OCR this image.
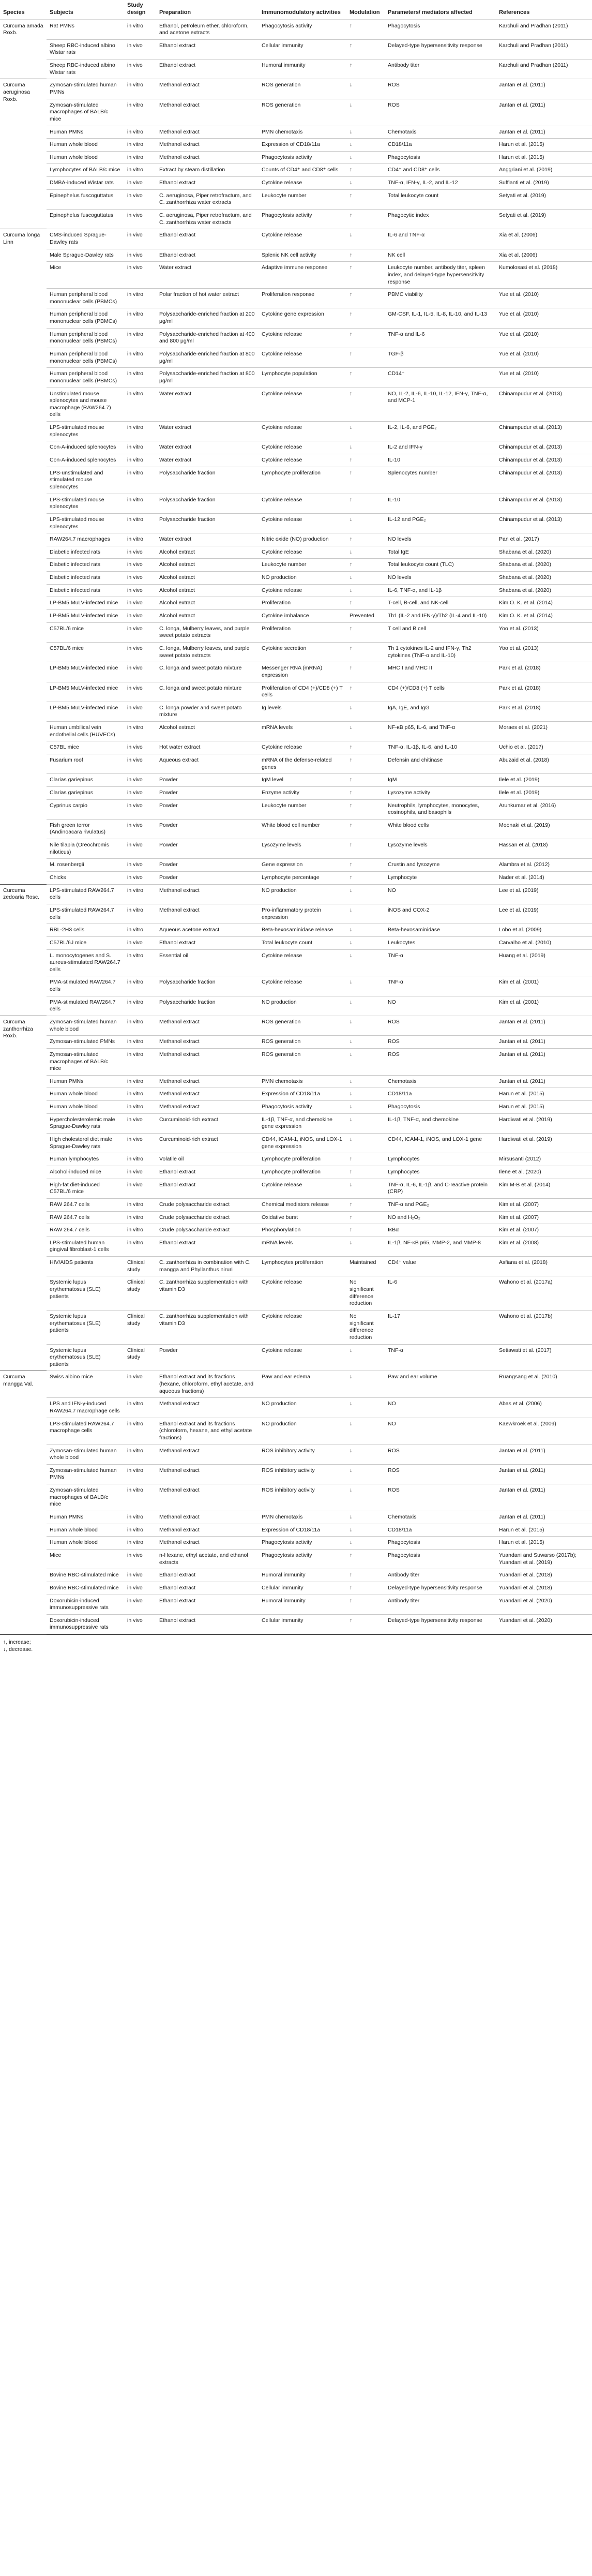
Species	Subjects	Study design	Preparation	Immunomodulatory activities	Modulation	Parameters/ mediators affected	References
Curcuma amada Roxb.	Rat PMNs	in vitro	Ethanol, petroleum ether, chloroform, and acetone extracts	Phagocytosis activity	↑	Phagocytosis	Karchuli and Pradhan (2011)
	Sheep RBC-induced albino Wistar rats	in vivo	Ethanol extract	Cellular immunity	↑	Delayed-type hypersensitivity response	Karchuli and Pradhan (2011)
	Sheep RBC-induced albino Wistar rats	in vivo	Ethanol extract	Humoral immunity	↑	Antibody titer	Karchuli and Pradhan (2011)
Curcuma aeruginosa Roxb.	Zymosan-stimulated human PMNs	in vitro	Methanol extract	ROS generation	↓	ROS	Jantan et al. (2011)
	Zymosan-stimulated macrophages of BALB/c mice	in vitro	Methanol extract	ROS generation	↓	ROS	Jantan et al. (2011)
	Human PMNs	in vitro	Methanol extract	PMN chemotaxis	↓	Chemotaxis	Jantan et al. (2011)
	Human whole blood	in vitro	Methanol extract	Expression of CD18/11a	↓	CD18/11a	Harun et al. (2015)
	Human whole blood	in vitro	Methanol extract	Phagocytosis activity	↓	Phagocytosis	Harun et al. (2015)
	Lymphocytes of BALB/c mice	in vitro	Extract by steam distillation	Counts of CD4⁺ and CD8⁺ cells	↑	CD4⁺ and CD8⁺ cells	Anggriani et al. (2019)
	DMBA-induced Wistar rats	in vivo	Ethanol extract	Cytokine release	↓	TNF-α, IFN-γ, IL-2, and IL-12	Suffianti et al. (2019)
	Epinephelus fuscoguttatus	in vivo	C. aeruginosa, Piper retrofractum, and C. zanthorrhiza water extracts	Leukocyte number	↑	Total leukocyte count	Setyati et al. (2019)
	Epinephelus fuscoguttatus	in vivo	C. aeruginosa, Piper retrofractum, and C. zanthorrhiza water extracts	Phagocytosis activity	↑	Phagocytic index	Setyati et al. (2019)
Curcuma longa Linn	CMS-induced Sprague-Dawley rats	in vivo	Ethanol extract	Cytokine release	↓	IL-6 and TNF-α	Xia et al. (2006)
	Male Sprague-Dawley rats	in vivo	Ethanol extract	Splenic NK cell activity	↑	NK cell	Xia et al. (2006)
	Mice	in vivo	Water extract	Adaptive immune response	↑	Leukocyte number, antibody titer, spleen index, and delayed-type hypersensitivity response	Kumolosasi et al. (2018)
	Human peripheral blood mononuclear cells (PBMCs)	in vitro	Polar fraction of hot water extract	Proliferation response	↑	PBMC viability	Yue et al. (2010)
	Human peripheral blood mononuclear cells (PBMCs)	in vitro	Polysaccharide-enriched fraction at 200 μg/ml	Cytokine gene expression	↑	GM-CSF, IL-1, IL-5, IL-8, IL-10, and IL-13	Yue et al. (2010)
	Human peripheral blood mononuclear cells (PBMCs)	in vitro	Polysaccharide-enriched fraction at 400 and 800 μg/ml	Cytokine release	↑	TNF-α and IL-6	Yue et al. (2010)
	Human peripheral blood mononuclear cells (PBMCs)	in vitro	Polysaccharide-enriched fraction at 800 μg/ml	Cytokine release	↑	TGF-β	Yue et al. (2010)
	Human peripheral blood mononuclear cells (PBMCs)	in vitro	Polysaccharide-enriched fraction at 800 μg/ml	Lymphocyte population	↑	CD14⁺	Yue et al. (2010)
	Unstimulated mouse splenocytes and mouse macrophage (RAW264.7) cells	in vitro	Water extract	Cytokine release	↑	NO, IL-2, IL-6, IL-10, IL-12, IFN-γ, TNF-α, and MCP-1	Chinampudur et al. (2013)
	LPS-stimulated mouse splenocytes	in vitro	Water extract	Cytokine release	↓	IL-2, IL-6, and PGE₂	Chinampudur et al. (2013)
	Con-A-induced splenocytes	in vitro	Water extract	Cytokine release	↓	IL-2 and IFN-γ	Chinampudur et al. (2013)
	Con-A-induced splenocytes	in vitro	Water extract	Cytokine release	↑	IL-10	Chinampudur et al. (2013)
	LPS-unstimulated and stimulated mouse splenocytes	in vitro	Polysaccharide fraction	Lymphocyte proliferation	↑	Splenocytes number	Chinampudur et al. (2013)
	LPS-stimulated mouse splenocytes	in vitro	Polysaccharide fraction	Cytokine release	↑	IL-10	Chinampudur et al. (2013)
	LPS-stimulated mouse splenocytes	in vitro	Polysaccharide fraction	Cytokine release	↓	IL-12 and PGE₂	Chinampudur et al. (2013)
	RAW264.7 macrophages	in vitro	Water extract	Nitric oxide (NO) production	↑	NO levels	Pan et al. (2017)
	Diabetic infected rats	in vivo	Alcohol extract	Cytokine release	↓	Total IgE	Shabana et al. (2020)
	Diabetic infected rats	in vivo	Alcohol extract	Leukocyte number	↑	Total leukocyte count (TLC)	Shabana et al. (2020)
	Diabetic infected rats	in vivo	Alcohol extract	NO production	↓	NO levels	Shabana et al. (2020)
	Diabetic infected rats	in vivo	Alcohol extract	Cytokine release	↓	IL-6, TNF-α, and IL-1β	Shabana et al. (2020)
	LP-BM5 MuLV-infected mice	in vivo	Alcohol extract	Proliferation	↑	T-cell, B-cell, and NK-cell	Kim O. K. et al. (2014)
	LP-BM5 MuLV-infected mice	in vivo	Alcohol extract	Cytokine imbalance	Prevented	Th1 (IL-2 and IFN-γ)/Th2 (IL-4 and IL-10)	Kim O. K. et al. (2014)
	C57BL/6 mice	in vivo	C. longa, Mulberry leaves, and purple sweet potato extracts	Proliferation	↑	T cell and B cell	Yoo et al. (2013)
	C57BL/6 mice	in vivo	C. longa, Mulberry leaves, and purple sweet potato extracts	Cytokine secretion	↑	Th 1 cytokines IL-2 and IFN-γ, Th2 cytokines (TNF-α and IL-10)	Yoo et al. (2013)
	LP-BM5 MuLV-infected mice	in vivo	C. longa and sweet potato mixture	Messenger RNA (mRNA) expression	↑	MHC I and MHC II	Park et al. (2018)
	LP-BM5 MuLV-infected mice	in vivo	C. longa and sweet potato mixture	Proliferation of CD4 (+)/CD8 (+) T cells	↑	CD4 (+)/CD8 (+) T cells	Park et al. (2018)
	LP-BM5 MuLV-infected mice	in vivo	C. longa powder and sweet potato mixture	Ig levels	↓	IgA, IgE, and IgG	Park et al. (2018)
	Human umbilical vein endothelial cells (HUVECs)	in vitro	Alcohol extract	mRNA levels	↓	NF-κB p65, IL-6, and TNF-α	Moraes et al. (2021)
	C57BL mice	in vivo	Hot water extract	Cytokine release	↑	TNF-α, IL-1β, IL-6, and IL-10	Uchio et al. (2017)
	Fusarium roof	in vivo	Aqueous extract	mRNA of the defense-related genes	↑	Defensin and chitinase	Abuzaid et al. (2018)
	Clarias gariepinus	in vivo	Powder	IgM level	↑	IgM	Ilele et al. (2019)
	Clarias gariepinus	in vivo	Powder	Enzyme activity	↑	Lysozyme activity	Ilele et al. (2019)
	Cyprinus carpio	in vivo	Powder	Leukocyte number	↑	Neutrophils, lymphocytes, monocytes, eosinophils, and basophils	Arunkumar et al. (2016)
	Fish green terror (Andinoacara rivulatus)	in vivo	Powder	White blood cell number	↑	White blood cells	Moonaki et al. (2019)
	Nile tilapia (Oreochromis niloticus)	in vivo	Powder	Lysozyme levels	↑	Lysozyme levels	Hassan et al. (2018)
	M. rosenbergii	in vivo	Powder	Gene expression	↑	Crustin and lysozyme	Alambra et al. (2012)
	Chicks	in vivo	Powder	Lymphocyte percentage	↑	Lymphocyte	Nader et al. (2014)
Curcuma zedoaria Rosc.	LPS-stimulated RAW264.7 cells	in vitro	Methanol extract	NO production	↓	NO	Lee et al. (2019)
	LPS-stimulated RAW264.7 cells	in vitro	Methanol extract	Pro-inflammatory protein expression	↓	iNOS and COX-2	Lee et al. (2019)
	RBL-2H3 cells	in vitro	Aqueous acetone extract	Beta-hexosaminidase release	↓	Beta-hexosaminidase	Lobo et al. (2009)
	C57BL/6J mice	in vivo	Ethanol extract	Total leukocyte count	↓	Leukocytes	Carvalho et al. (2010)
	L. monocytogenes and S. aureus-stimulated RAW264.7 cells	in vitro	Essential oil	Cytokine release	↓	TNF-α	Huang et al. (2019)
	PMA-stimulated RAW264.7 cells	in vitro	Polysaccharide fraction	Cytokine release	↓	TNF-α	Kim et al. (2001)
	PMA-stimulated RAW264.7 cells	in vitro	Polysaccharide fraction	NO production	↓	NO	Kim et al. (2001)
Curcuma zanthorrhiza Roxb.	Zymosan-stimulated human whole blood	in vitro	Methanol extract	ROS generation	↓	ROS	Jantan et al. (2011)
	Zymosan-stimulated PMNs	in vitro	Methanol extract	ROS generation	↓	ROS	Jantan et al. (2011)
	Zymosan-stimulated macrophages of BALB/c mice	in vitro	Methanol extract	ROS generation	↓	ROS	Jantan et al. (2011)
	Human PMNs	in vitro	Methanol extract	PMN chemotaxis	↓	Chemotaxis	Jantan et al. (2011)
	Human whole blood	in vitro	Methanol extract	Expression of CD18/11a	↓	CD18/11a	Harun et al. (2015)
	Human whole blood	in vitro	Methanol extract	Phagocytosis activity	↓	Phagocytosis	Harun et al. (2015)
	Hypercholesterolemic male Sprague-Dawley rats	in vivo	Curcuminoid-rich extract	IL-1β, TNF-α, and chemokine gene expression	↓	IL-1β, TNF-α, and chemokine	Hardiwati et al. (2019)
	High cholesterol diet male Sprague-Dawley rats	in vivo	Curcuminoid-rich extract	CD44, ICAM-1, iNOS, and LOX-1 gene expression	↓	CD44, ICAM-1, iNOS, and LOX-1 gene	Hardiwati et al. (2019)
	Human lymphocytes	in vitro	Volatile oil	Lymphocyte proliferation	↑	Lymphocytes	Mirsusanti (2012)
	Alcohol-induced mice	in vivo	Ethanol extract	Lymphocyte proliferation	↑	Lymphocytes	Ilene et al. (2020)
	High-fat diet-induced C57BL/6 mice	in vivo	Ethanol extract	Cytokine release	↓	TNF-α, IL-6, IL-1β, and C-reactive protein (CRP)	Kim M-B et al. (2014)
	RAW 264.7 cells	in vitro	Crude polysaccharide extract	Chemical mediators release	↑	TNF-α and PGE₂	Kim et al. (2007)
	RAW 264.7 cells	in vitro	Crude polysaccharide extract	Oxidative burst	↑	NO and H₂O₂	Kim et al. (2007)
	RAW 264.7 cells	in vitro	Crude polysaccharide extract	Phosphorylation	↑	IκBα	Kim et al. (2007)
	LPS-stimulated human gingival fibroblast-1 cells	in vitro	Ethanol extract	mRNA levels	↓	IL-1β, NF-κB p65, MMP-2, and MMP-8	Kim et al. (2008)
	HIV/AIDS patients	Clinical study	C. zanthorrhiza in combination with C. mangga and Phyllanthus niruri	Lymphocytes proliferation	Maintained	CD4⁺ value	Asfiana et al. (2018)
	Systemic lupus erythematosus (SLE) patients	Clinical study	C. zanthorrhiza supplementation with vitamin D3	Cytokine release	No significant difference reduction	IL-6	Wahono et al. (2017a)
	Systemic lupus erythematosus (SLE) patients	Clinical study	C. zanthorrhiza supplementation with vitamin D3	Cytokine release	No significant difference reduction	IL-17	Wahono et al. (2017b)
	Systemic lupus erythematosus (SLE) patients	Clinical study	Powder	Cytokine release	↓	TNF-α	Setiawati et al. (2017)
Curcuma mangga Val.	Swiss albino mice	in vivo	Ethanol extract and its fractions (hexane, chloroform, ethyl acetate, and aqueous fractions)	Paw and ear edema	↓	Paw and ear volume	Ruangsang et al. (2010)
	LPS and IFN-γ-induced RAW264.7 macrophage cells	in vitro	Methanol extract	NO production	↓	NO	Abas et al. (2006)
	LPS-stimulated RAW264.7 macrophage cells	in vitro	Ethanol extract and its fractions (chloroform, hexane, and ethyl acetate fractions)	NO production	↓	NO	Kaewkroek et al. (2009)
	Zymosan-stimulated human whole blood	in vitro	Methanol extract	ROS inhibitory activity	↓	ROS	Jantan et al. (2011)
	Zymosan-stimulated human PMNs	in vitro	Methanol extract	ROS inhibitory activity	↓	ROS	Jantan et al. (2011)
	Zymosan-stimulated macrophages of BALB/c mice	in vitro	Methanol extract	ROS inhibitory activity	↓	ROS	Jantan et al. (2011)
	Human PMNs	in vitro	Methanol extract	PMN chemotaxis	↓	Chemotaxis	Jantan et al. (2011)
	Human whole blood	in vitro	Methanol extract	Expression of CD18/11a	↓	CD18/11a	Harun et al. (2015)
	Human whole blood	in vitro	Methanol extract	Phagocytosis activity	↓	Phagocytosis	Harun et al. (2015)
	Mice	in vivo	n-Hexane, ethyl acetate, and ethanol extracts	Phagocytosis activity	↑	Phagocytosis	Yuandani and Suwarso (2017b); Yuandani et al. (2019)
	Bovine RBC-stimulated mice	in vivo	Ethanol extract	Humoral immunity	↑	Antibody titer	Yuandani et al. (2018)
	Bovine RBC-stimulated mice	in vivo	Ethanol extract	Cellular immunity	↑	Delayed-type hypersensitivity response	Yuandani et al. (2018)
	Doxorubicin-induced immunosuppressive rats	in vivo	Ethanol extract	Humoral immunity	↑	Antibody titer	Yuandani et al. (2020)
	Doxorubicin-induced immunosuppressive rats	in vivo	Ethanol extract	Cellular immunity	↑	Delayed-type hypersensitivity response	Yuandani et al. (2020)
↑, increase;
↓, decrease.
